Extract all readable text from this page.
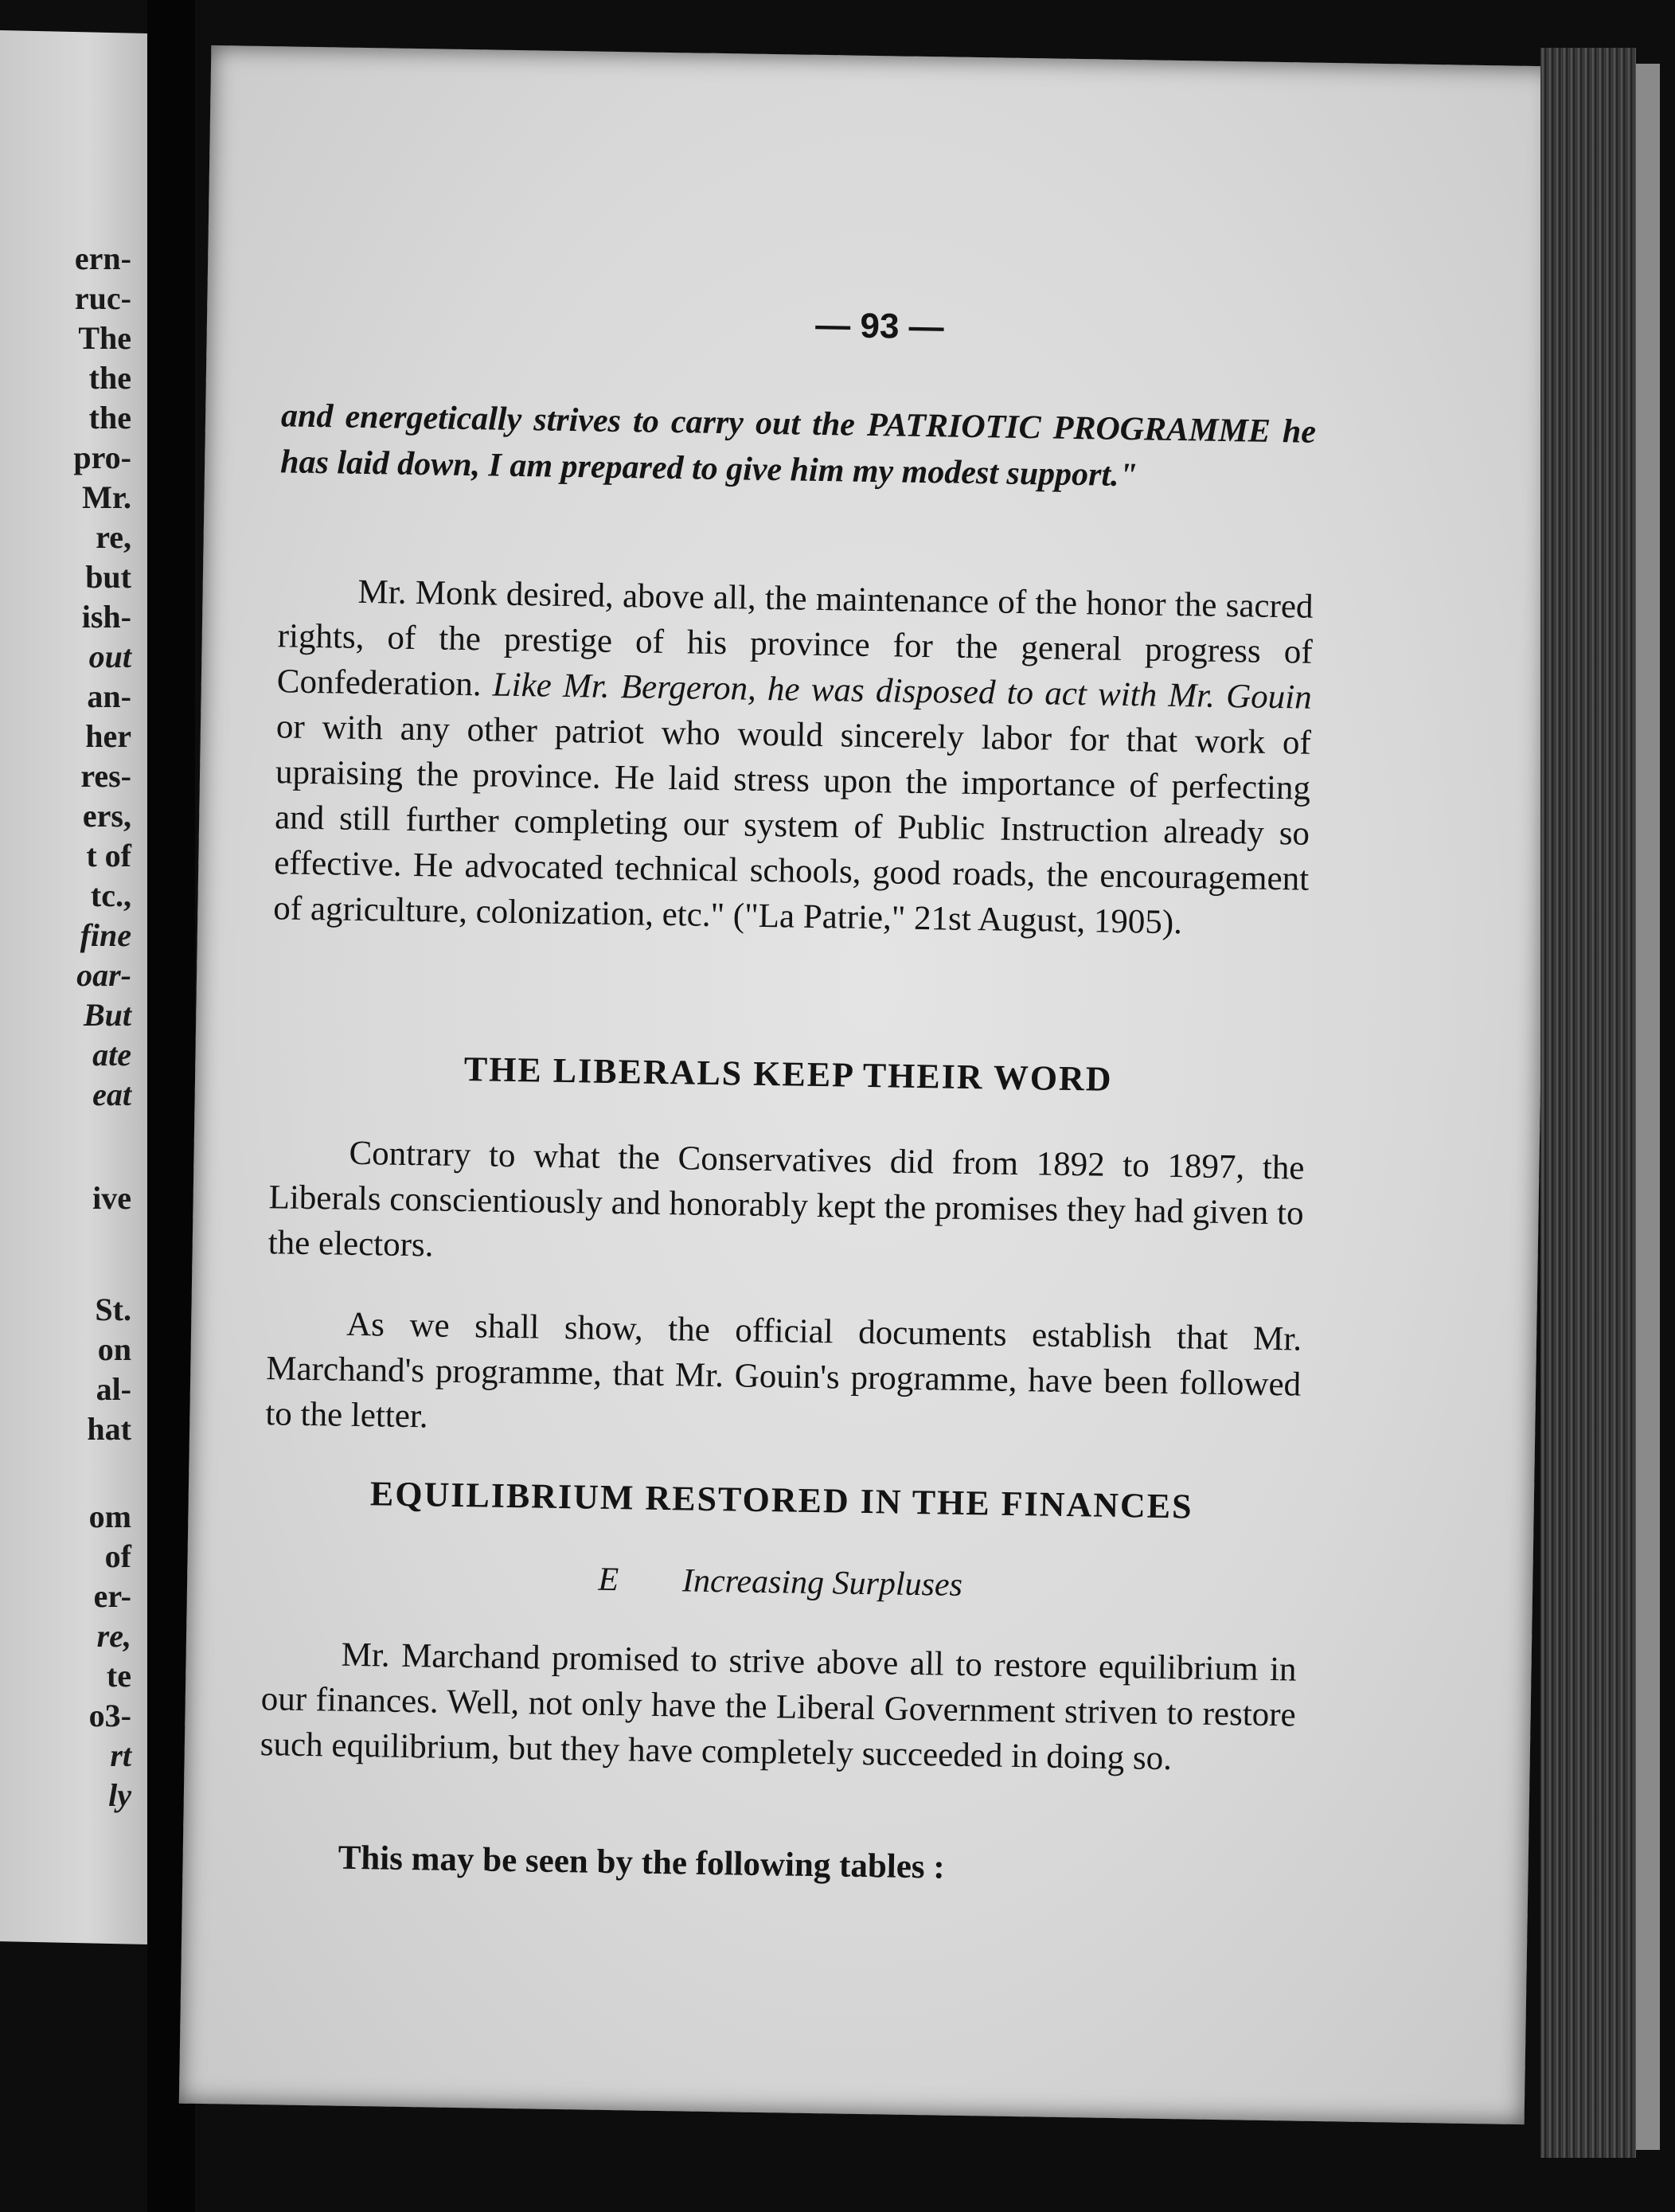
ern-
ruc-
The
the
the
pro-
Mr.
re,
but
ish-
out
an-
her
res-
ers,
t of
tc.,
fine
oar-
But
ate
eat
ive
St.
on
al-
hat
om
of
er-
re,
te
o3-
rt
ly
— 93 —

and energetically strives to carry out the PATRIOTIC PROGRAMME he has laid down, I am prepared to give him my modest support."

Mr. Monk desired, above all, the maintenance of the honor the sacred rights, of the prestige of his province for the general progress of Confederation. Like Mr. Bergeron, he was disposed to act with Mr. Gouin or with any other patriot who would sincerely labor for that work of upraising the province. He laid stress upon the importance of perfecting and still further completing our system of Public Instruction already so effective. He advocated technical schools, good roads, the encouragement of agriculture, colonization, etc." ("La Patrie," 21st August, 1905).

THE LIBERALS KEEP THEIR WORD

Contrary to what the Conservatives did from 1892 to 1897, the Liberals conscientiously and honorably kept the promises they had given to the electors.

As we shall show, the official documents establish that Mr. Marchand's programme, that Mr. Gouin's programme, have been followed to the letter.

EQUILIBRIUM RESTORED IN THE FINANCES

E Increasing Surpluses

Mr. Marchand promised to strive above all to restore equilibrium in our finances. Well, not only have the Liberal Government striven to restore such equilibrium, but they have completely succeeded in doing so.

This may be seen by the following tables :
